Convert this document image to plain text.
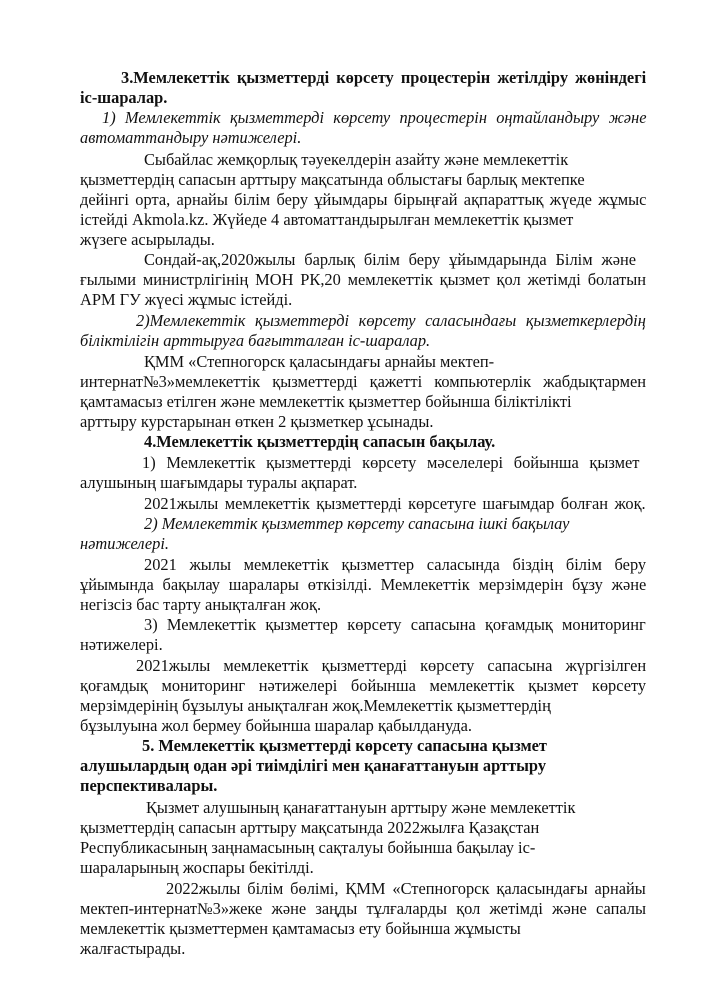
3.Мемлекеттік қызметтерді көрсету процестерін жетілдіру жөніндегі
іс-шаралар.
1) Мемлекеттік қызметтерді көрсету процестерін оңтайландыру және
автоматтандыру нәтижелері.
Сыбайлас жемқорлық тәуекелдерін азайту және мемлекеттік
қызметтердің сапасын арттыру мақсатында облыстағы барлық мектепке
дейінгі орта, арнайы білім беру ұйымдары бірыңғай ақпараттық жүеде жұмыс
істейді Akmola.kz. Жүйеде 4 автоматтандырылған мемлекеттік қызмет
жүзеге асырылады.
Сондай-ақ,2020жылы барлық білім беру ұйымдарында Білім және
ғылыми министрлігінің МОН РК,20 мемлекеттік қызмет қол жетімді болатын
АРМ ГУ жүесі жұмыс істейді.
2)Мемлекеттік қызметтерді көрсету саласындағы қызметкерлердің
біліктілігін арттыруға бағытталған іс-шаралар.
ҚММ «Степногорск қаласындағы арнайы мектеп-
интернат№3»мемлекеттік қызметтерді қажетті компьютерлік жабдықтармен
қамтамасыз етілген және мемлекеттік қызметтер бойынша біліктілікті
арттыру курстарынан өткен 2 қызметкер ұсынады.
4.Мемлекеттік қызметтердің сапасын бақылау.
1) Мемлекеттік қызметтерді көрсету мәселелері бойынша қызмет
алушының шағымдары туралы ақпарат.
2021жылы мемлекеттік қызметтерді көрсетуге шағымдар болған жоқ.
2) Мемлекеттік қызметтер көрсету сапасына ішкі бақылау
нәтижелері.
2021 жылы мемлекеттік қызметтер саласында біздің білім беру
ұйымында бақылау шаралары өткізілді. Мемлекеттік мерзімдерін бұзу және
негізсіз бас тарту анықталған жоқ.
3) Мемлекеттік қызметтер көрсету сапасына қоғамдық мониторинг
нәтижелері.
2021жылы мемлекеттік қызметтерді көрсету сапасына жүргізілген
қоғамдық мониторинг нәтижелері бойынша мемлекеттік қызмет көрсету
мерзімдерінің бұзылуы анықталған жоқ.Мемлекеттік қызметтердің
бұзылуына жол бермеу бойынша шаралар қабылдануда.
5. Мемлекеттік қызметтерді көрсету сапасына қызмет
алушылардың одан әрі тиімділігі мен қанағаттануын арттыру
перспективалары.
Қызмет алушының қанағаттануын арттыру және мемлекеттік
қызметтердің сапасын арттыру мақсатында 2022жылға Қазақстан
Республикасының заңнамасының сақталуы бойынша бақылау іс-
шараларының жоспары бекітілді.
2022жылы білім бөлімі, ҚММ «Степногорск қаласындағы арнайы
мектеп-интернат№3»жеке және заңды тұлғаларды қол жетімді және сапалы
мемлекеттік қызметтермен қамтамасыз ету бойынша жұмысты
жалғастырады.
